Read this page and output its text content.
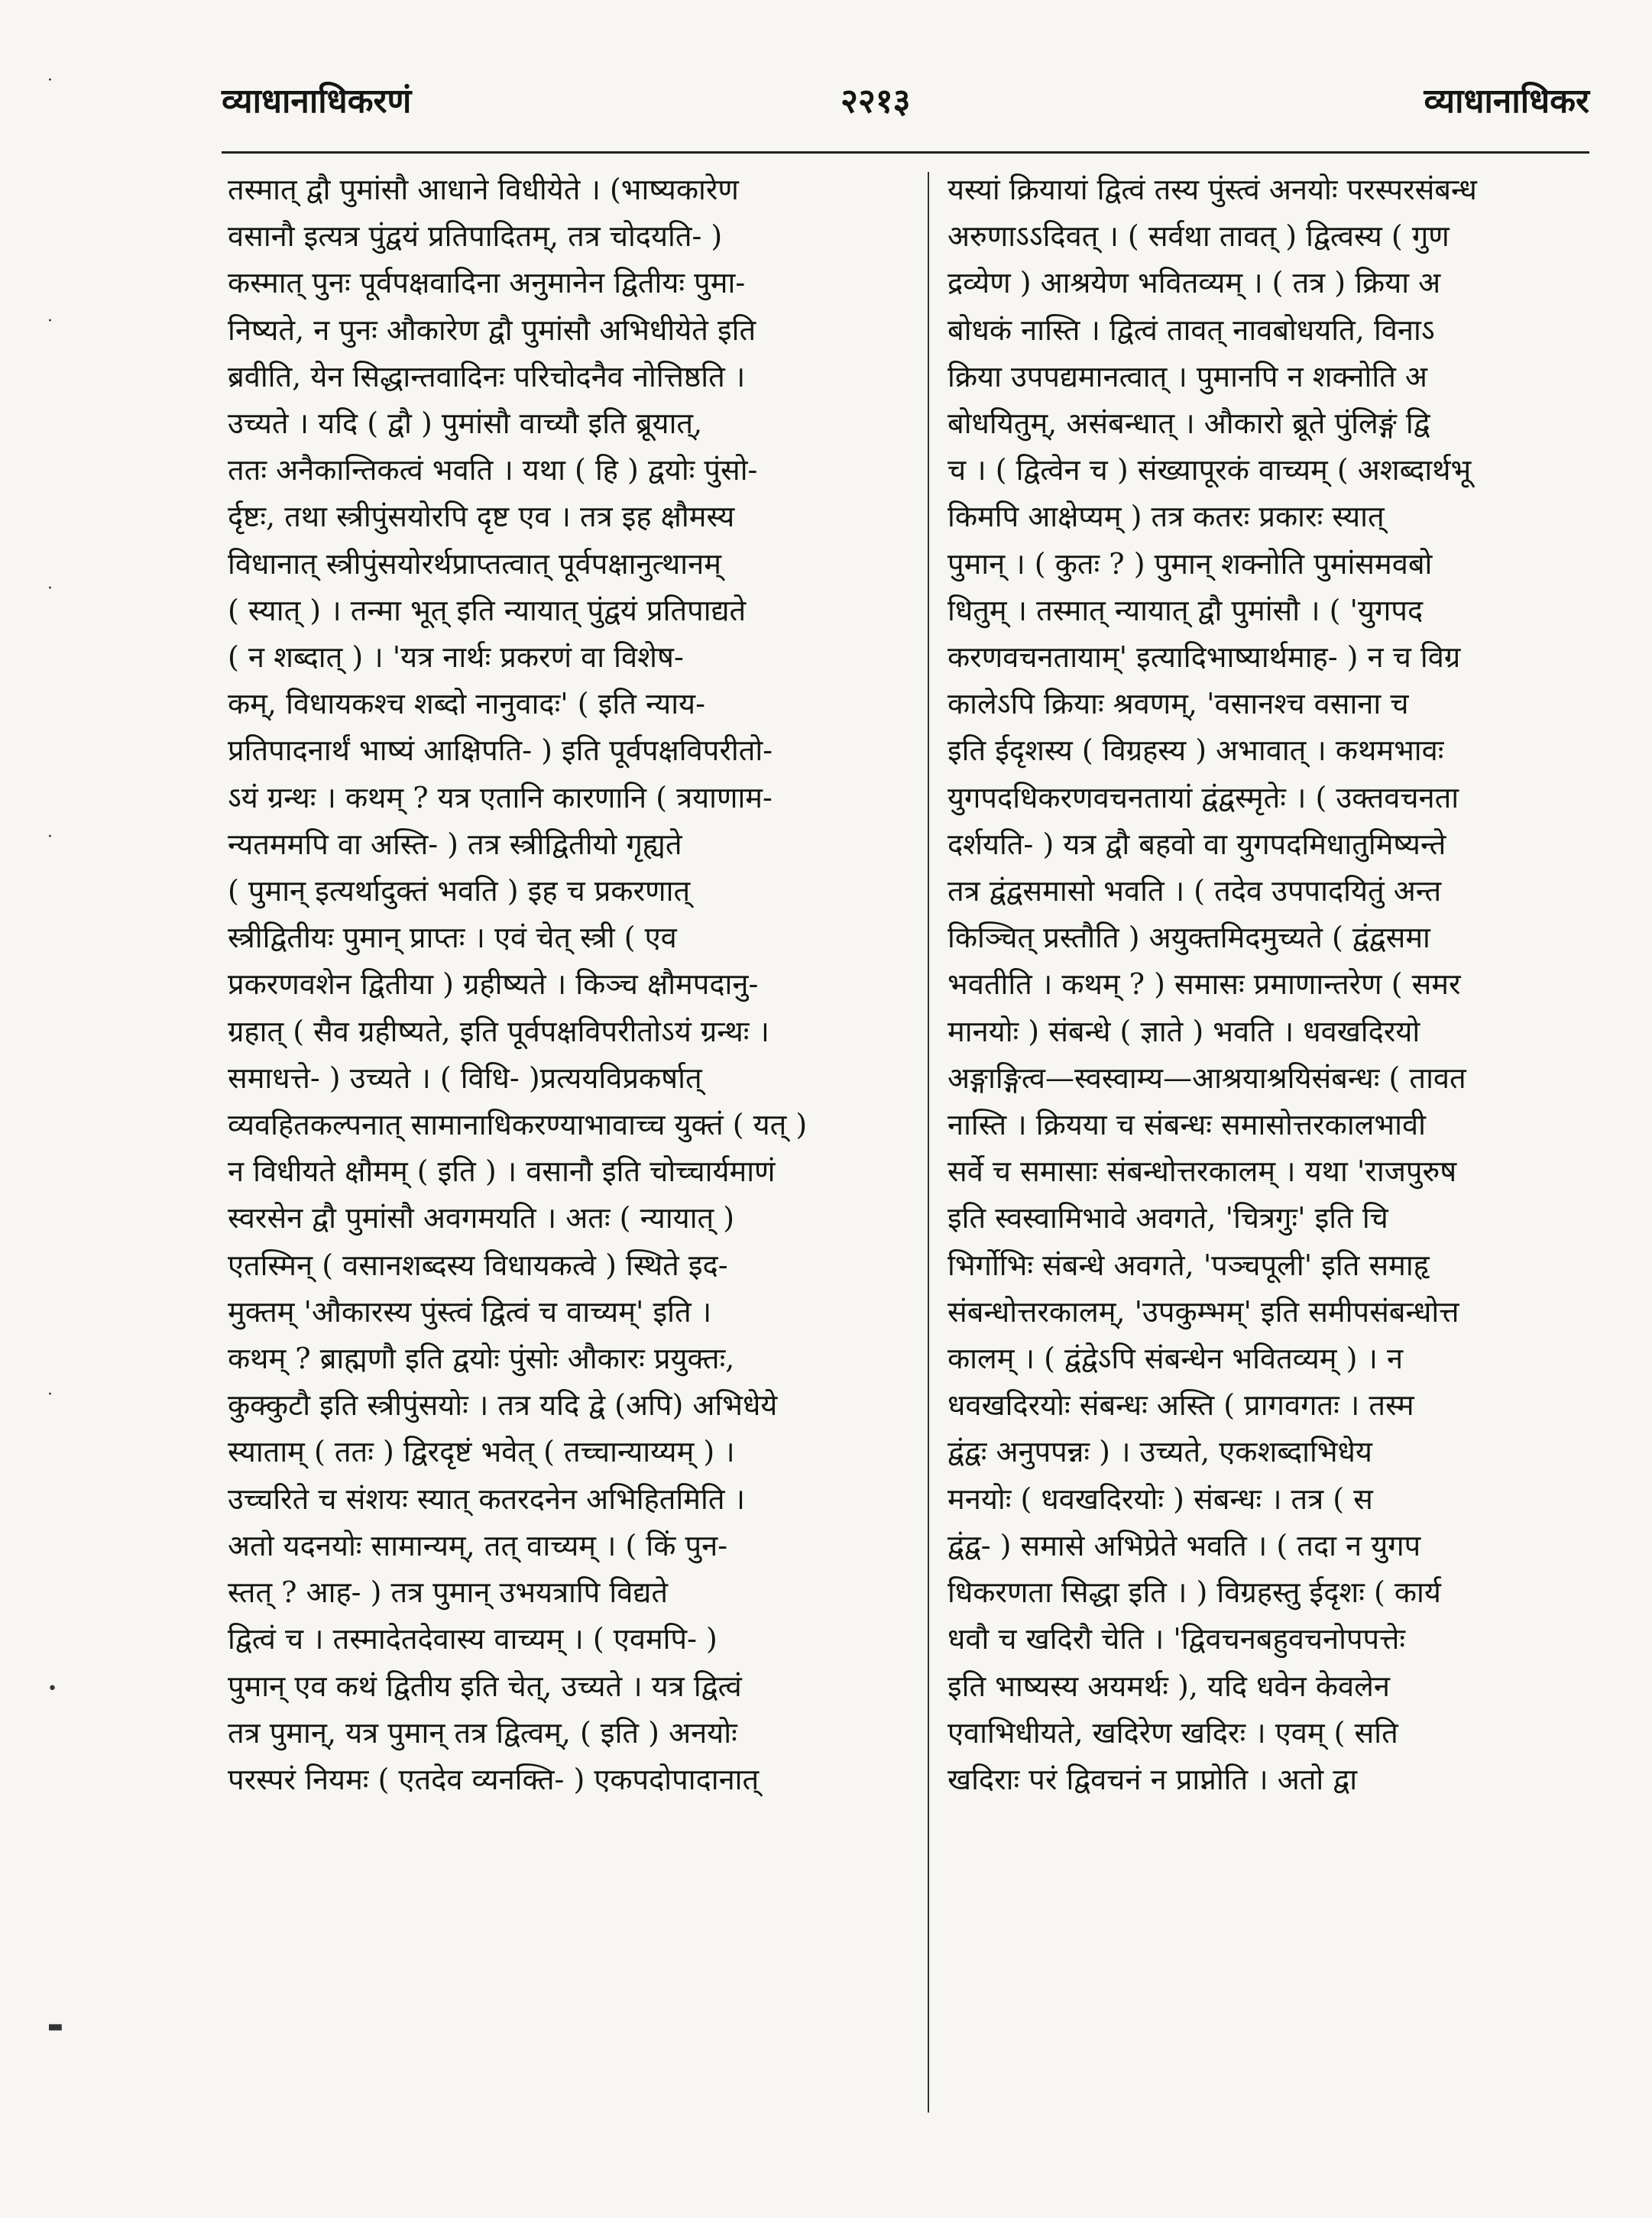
·
·
·
·
·
•
▬
व्याधानाधिकरणं	२२१३	व्याधानाधिकर
तस्मात् द्वौ पुमांसौ आधाने विधीयेते । (भाष्यकारेण
वसानौ इत्यत्र पुंद्वयं प्रतिपादितम्, तत्र चोदयति- )
कस्मात् पुनः पूर्वपक्षवादिना अनुमानेन द्वितीयः पुमा-
निष्यते, न पुनः औकारेण द्वौ पुमांसौ अभिधीयेते इति
ब्रवीति, येन सिद्धान्तवादिनः परिचोदनैव नोत्तिष्ठति ।
उच्यते । यदि ( द्वौ ) पुमांसौ वाच्यौ इति ब्रूयात्,
ततः अनैकान्तिकत्वं भवति । यथा ( हि ) द्वयोः पुंसो-
र्दृष्टः, तथा स्त्रीपुंसयोरपि दृष्ट एव । तत्र इह क्षौमस्य
विधानात् स्त्रीपुंसयोरर्थप्राप्तत्वात् पूर्वपक्षानुत्थानम्
( स्यात् ) । तन्मा भूत् इति न्यायात् पुंद्वयं प्रतिपाद्यते
( न शब्दात् ) । 'यत्र नार्थः प्रकरणं वा विशेष-
कम्, विधायकश्च शब्दो नानुवादः' ( इति न्याय-
प्रतिपादनार्थं भाष्यं आक्षिपति- ) इति पूर्वपक्षविपरीतो-
ऽयं ग्रन्थः । कथम् ? यत्र एतानि कारणानि ( त्रयाणाम-
न्यतममपि वा अस्ति- ) तत्र स्त्रीद्वितीयो गृह्यते
( पुमान् इत्यर्थादुक्तं भवति ) इह च प्रकरणात्
स्त्रीद्वितीयः पुमान् प्राप्तः । एवं चेत् स्त्री ( एव
प्रकरणवशेन द्वितीया ) ग्रहीष्यते । किञ्च क्षौमपदानु-
ग्रहात् ( सैव ग्रहीष्यते, इति पूर्वपक्षविपरीतोऽयं ग्रन्थः ।
समाधत्ते- ) उच्यते । ( विधि- )प्रत्ययविप्रकर्षात्
व्यवहितकल्पनात् सामानाधिकरण्याभावाच्च युक्तं ( यत् )
न विधीयते क्षौमम् ( इति ) । वसानौ इति चोच्चार्यमाणं
स्वरसेन द्वौ पुमांसौ अवगमयति । अतः ( न्यायात् )
एतस्मिन् ( वसानशब्दस्य विधायकत्वे ) स्थिते इद-
मुक्तम् 'औकारस्य पुंस्त्वं द्वित्वं च वाच्यम्' इति ।
कथम् ? ब्राह्मणौ इति द्वयोः पुंसोः औकारः प्रयुक्तः,
कुक्कुटौ इति स्त्रीपुंसयोः । तत्र यदि द्वे (अपि) अभिधेये
स्याताम् ( ततः ) द्विरदृष्टं भवेत् ( तच्चान्याय्यम् ) ।
उच्चरिते च संशयः स्यात् कतरदनेन अभिहितमिति ।
अतो यदनयोः सामान्यम्, तत् वाच्यम् । ( किं पुन-
स्तत् ? आह- ) तत्र पुमान् उभयत्रापि विद्यते
द्वित्वं च । तस्मादेतदेवास्य वाच्यम् । ( एवमपि- )
पुमान् एव कथं द्वितीय इति चेत्, उच्यते । यत्र द्वित्वं
तत्र पुमान्, यत्र पुमान् तत्र द्वित्वम्, ( इति ) अनयोः
परस्परं नियमः ( एतदेव व्यनक्ति- ) एकपदोपादानात्
यस्यां क्रियायां द्वित्वं तस्य पुंस्त्वं अनयोः परस्परसंबन्ध
अरुणाऽऽदिवत् । ( सर्वथा तावत् ) द्वित्वस्य ( गुण
द्रव्येण ) आश्रयेण भवितव्यम् । ( तत्र ) क्रिया अ
बोधकं नास्ति । द्वित्वं तावत् नावबोधयति, विनाऽ
क्रिया उपपद्यमानत्वात् । पुमानपि न शक्नोति अ
बोधयितुम्, असंबन्धात् । औकारो ब्रूते पुंलिङ्गं द्वि
च । ( द्वित्वेन च ) संख्यापूरकं वाच्यम् ( अशब्दार्थभू
किमपि आक्षेप्यम् ) तत्र कतरः प्रकारः स्यात्
पुमान् । ( कुतः ? ) पुमान् शक्नोति पुमांसमवबो
धितुम् । तस्मात् न्यायात् द्वौ पुमांसौ । ( 'युगपद
करणवचनतायाम्' इत्यादिभाष्यार्थमाह- ) न च विग्र
कालेऽपि क्रियाः श्रवणम्, 'वसानश्च वसाना च
इति ईदृशस्य ( विग्रहस्य ) अभावात् । कथमभावः
युगपदधिकरणवचनतायां द्वंद्वस्मृतेः । ( उक्तवचनता
दर्शयति- ) यत्र द्वौ बहवो वा युगपदमिधातुमिष्यन्ते
तत्र द्वंद्वसमासो भवति । ( तदेव उपपादयितुं अन्त
किञ्चित् प्रस्तौति ) अयुक्तमिदमुच्यते ( द्वंद्वसमा
भवतीति । कथम् ? ) समासः प्रमाणान्तरेण ( समर
मानयोः ) संबन्धे ( ज्ञाते ) भवति । धवखदिरयो
अङ्गाङ्गित्व—स्वस्वाम्य—आश्रयाश्रयिसंबन्धः ( तावत
नास्ति । क्रियया च संबन्धः समासोत्तरकालभावी
सर्वे च समासाः संबन्धोत्तरकालम् । यथा 'राजपुरुष
इति स्वस्वामिभावे अवगते, 'चित्रगुः' इति चि
भिर्गोभिः संबन्धे अवगते, 'पञ्चपूली' इति समाहृ
संबन्धोत्तरकालम्, 'उपकुम्भम्' इति समीपसंबन्धोत्त
कालम् । ( द्वंद्वेऽपि संबन्धेन भवितव्यम् ) । न
धवखदिरयोः संबन्धः अस्ति ( प्रागवगतः । तस्म
द्वंद्वः अनुपपन्नः ) । उच्यते, एकशब्दाभिधेय
मनयोः ( धवखदिरयोः ) संबन्धः । तत्र ( स
द्वंद्व- ) समासे अभिप्रेते भवति । ( तदा न युगप
धिकरणता सिद्धा इति । ) विग्रहस्तु ईदृशः ( कार्य
धवौ च खदिरौ चेति । 'द्विवचनबहुवचनोपपत्तेः
इति भाष्यस्य अयमर्थः ), यदि धवेन केवलेन
एवाभिधीयते, खदिरेण खदिरः । एवम् ( सति
खदिराः परं द्विवचनं न प्राप्नोति । अतो द्वा
